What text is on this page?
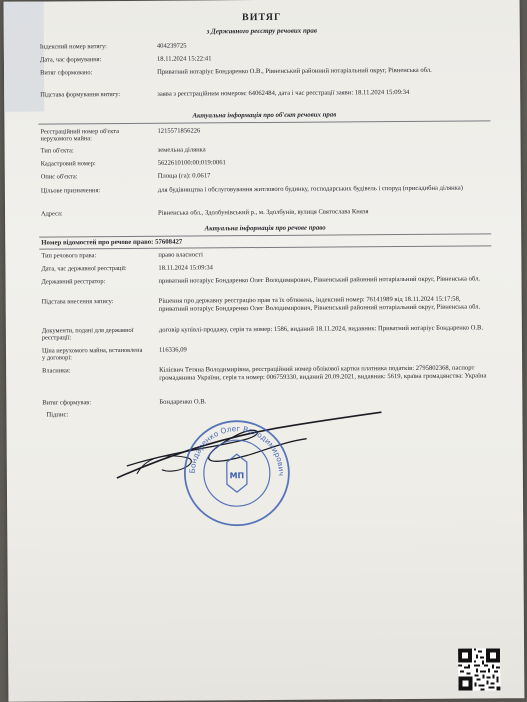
ВИТЯГ
з Державного реєстру речових прав
Індексний номер витягу:	404239725
Дата, час формування:	18.11.2024 15:22:41
Витяг сформовано:	Приватний нотаріус Бондаренко О.В., Рівненський районний нотаріальний округ, Рівненська обл.
Підстава формування витягу:	заява з реєстраційним номером: 64062484, дата і час реєстрації заяви: 18.11.2024 15:09:34
Актуальна інформація про об'єкт речових прав
Реєстраційний номер об'єкта нерухомого майна:
1215571856226
Тип об'єкта:	земельна ділянка
Кадастровий номер:	5622610100:00:019:0061
Опис об'єкта:	Площа (га): 0.0617
Цільове призначення:	для будівництва і обслуговування житлового будинку, господарських будівель і споруд (присадибна ділянка)
Адреса:	Рівненська обл., Здолбунівський р., м. Здолбунів, вулиця Святослава Князя
Актуальна інформація про речове право
Номер відомостей про речове право: 57608427
Тип речового права:	право власності
Дата, час державної реєстрації:	18.11.2024 15:09:34
Державний реєстратор:	приватний нотаріус Бондаренко Олег Володимирович, Рівненський районний нотаріальний округ, Рівненська обл.
Підстава внесення запису:	Рішення про державну реєстрацію прав та їх обтяжень, індексний номер: 76141989 від 18.11.2024 15:17:58, приватний нотаріус Бондаренко Олег Володимирович, Рівненський районний нотаріальний округ, Рівненська обл.
Документи, подані для державної реєстрації:
договір купівлі-продажу, серія та номер: 1586, виданий 18.11.2024, видавник: Приватний нотаріус Бондаренко О.В.
Ціна нерухомого майна, встановлена у договорі:
116336,09
Власники:	Кілієвич Тетяна Володимирівна, реєстраційний номер облікової картки платника податків: 2795802368, паспорт громадянина України, серія та номер: 006759330, виданий 20.09.2021, видавник: 5619, країна громадянства: Україна
Витяг сформував:	Бондаренко О.В.
Підпис:
Бондаренко Олег Володимирович
МП
